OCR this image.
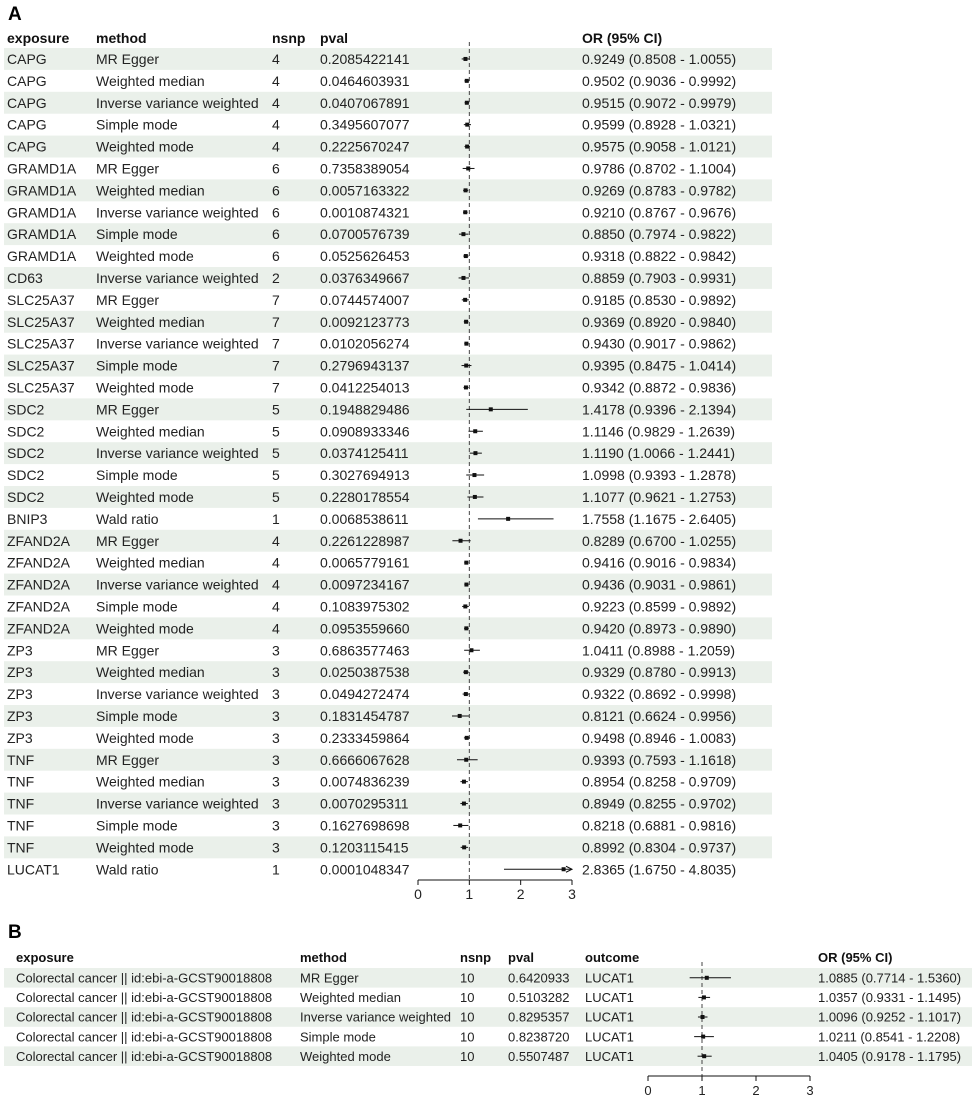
A
exposure method	nsnp pval	OR (95% CI)
CAPG	MR Egger	4	0.2085422141	0.9249 (0.8508 - 1.0055)
CAPG	Weighted median	4	0.0464603931	0.9502 (0.9036 - 0.9992)
CAPG	Inverse variance weighted 4	0.0407067891	0.9515 (0.9072 - 0.9979)
CAPG	Simple mode	4	0.3495607077	0.9599 (0.8928 - 1.0321)
CAPG	Weighted mode	4	0.2225670247	0.9575 (0.9058 - 1.0121)
GRAMD1A MR Egger	6	0.7358389054	0.9786 (0.8702 - 1.1004)
GRAMD1A Weighted median	6	0.0057163322	0.9269 (0.8783 - 0.9782)
GRAMD1A Inverse variance weighted 6	0.0010874321	0.9210 (0.8767 - 0.9676)
GRAMD1A Simple mode	6	0.0700576739	0.8850 (0.7974 - 0.9822)
GRAMD1A Weighted mode	6	0.0525626453	0.9318 (0.8822 - 0.9842)
CD63	Inverse variance weighted 2	0.0376349667	0.8859 (0.7903 - 0.9931)
SLC25A37 MR Egger	7	0.0744574007	0.9185 (0.8530 - 0.9892)
SLC25A37 Weighted median	7	0.0092123773	0.9369 (0.8920 - 0.9840)
SLC25A37 Inverse variance weighted 7	0.0102056274	0.9430 (0.9017 - 0.9862)
SLC25A37 Simple mode	7	0.2796943137	0.9395 (0.8475 - 1.0414)
SLC25A37 Weighted mode	7	0.0412254013	0.9342 (0.8872 - 0.9836)
SDC2	MR Egger	5	0.1948829486	1.4178 (0.9396 - 2.1394)
SDC2	Weighted median	5	0.0908933346	1.1146 (0.9829 - 1.2639)
SDC2	Inverse variance weighted 5	0.0374125411	1.1190 (1.0066 - 1.2441)
SDC2	Simple mode	5	0.3027694913	1.0998 (0.9393 - 1.2878)
SDC2	Weighted mode	5	0.2280178554	1.1077 (0.9621 - 1.2753)
BNIP3	Wald ratio	1	0.0068538611	1.7558 (1.1675 - 2.6405)
ZFAND2A MR Egger	4	0.2261228987	0.8289 (0.6700 - 1.0255)
ZFAND2A Weighted median	4	0.0065779161	0.9416 (0.9016 - 0.9834)
ZFAND2A Inverse variance weighted 4	0.0097234167	0.9436 (0.9031 - 0.9861)
ZFAND2A Simple mode	4	0.1083975302	0.9223 (0.8599 - 0.9892)
ZFAND2A Weighted mode	4	0.0953559660	0.9420 (0.8973 - 0.9890)
ZP3	MR Egger	3	0.6863577463	1.0411 (0.8988 - 1.2059)
ZP3	Weighted median	3	0.0250387538	0.9329 (0.8780 - 0.9913)
ZP3	Inverse variance weighted 3	0.0494272474	0.9322 (0.8692 - 0.9998)
ZP3	Simple mode	3	0.1831454787	0.8121 (0.6624 - 0.9956)
ZP3	Weighted mode	3	0.2333459864	0.9498 (0.8946 - 1.0083)
TNF	MR Egger	3	0.6666067628	0.9393 (0.7593 - 1.1618)
TNF	Weighted median	3	0.0074836239	0.8954 (0.8258 - 0.9709)
TNF	Inverse variance weighted 3	0.0070295311	0.8949 (0.8255 - 0.9702)
TNF	Simple mode	3	0.1627698698	0.8218 (0.6881 - 0.9816)
TNF	Weighted mode	3	0.1203115415	0.8992 (0.8304 - 0.9737)
LUCAT1	Wald ratio	1	0.0001048347	2.8365 (1.6750 - 4.8035)
0	1	2	3
B
exposure	method	nsnp pval	outcome	OR (95% CI)
Colorectal cancer || id:ebi-a-GCST90018808 MR Egger	10	0.6420933 LUCAT1	1.0885 (0.7714 - 1.5360)
Colorectal cancer || id:ebi-a-GCST90018808 Weighted median	10	0.5103282 LUCAT1	1.0357 (0.9331 - 1.1495)
Colorectal cancer || id:ebi-a-GCST90018808 Inverse variance weighted 10	0.8295357 LUCAT1	1.0096 (0.9252 - 1.1017)
Colorectal cancer || id:ebi-a-GCST90018808 Simple mode	10	0.8238720 LUCAT1	1.0211 (0.8541 - 1.2208)
Colorectal cancer || id:ebi-a-GCST90018808 Weighted mode	10	0.5507487 LUCAT1	1.0405 (0.9178 - 1.1795)
0	1	2	3
